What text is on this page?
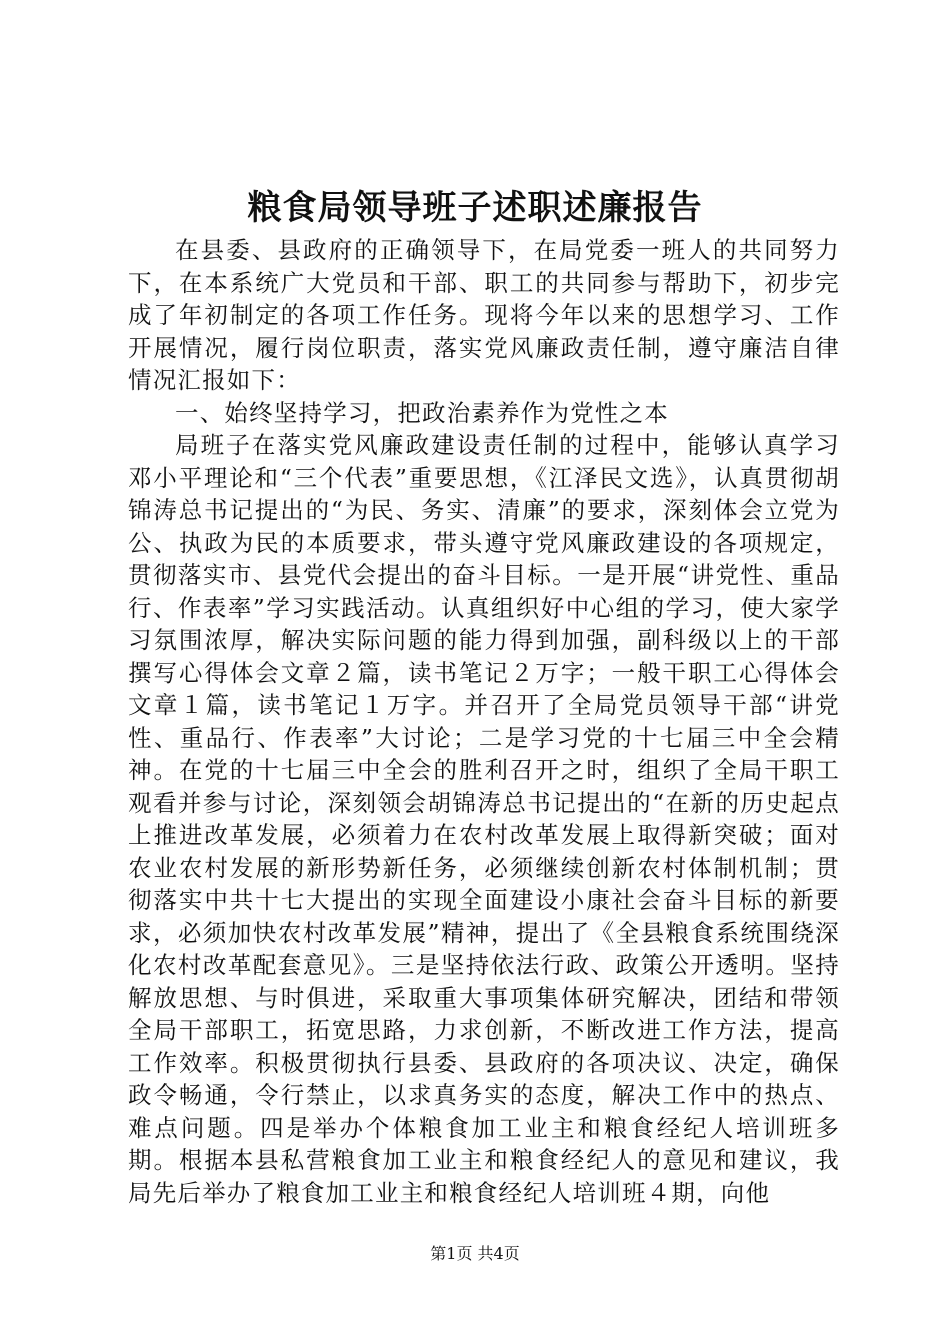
粮食局领导班子述职述廉报告

在县委、县政府的正确领导下，在局党委一班人的共同努力下，在本系统广大党员和干部、职工的共同参与帮助下，初步完成了年初制定的各项工作任务。现将今年以来的思想学习、工作开展情况，履行岗位职责，落实党风廉政责任制，遵守廉洁自律情况汇报如下：

一、始终坚持学习，把政治素养作为党性之本

局班子在落实党风廉政建设责任制的过程中，能够认真学习邓小平理论和“三个代表”重要思想，《江泽民文选》，认真贯彻胡锦涛总书记提出的“为民、务实、清廉”的要求，深刻体会立党为公、执政为民的本质要求，带头遵守党风廉政建设的各项规定，贯彻落实市、县党代会提出的奋斗目标。一是开展“讲党性、重品行、作表率”学习实践活动。认真组织好中心组的学习，使大家学习氛围浓厚，解决实际问题的能力得到加强，副科级以上的干部撰写心得体会文章２篇，读书笔记２万字；一般干职工心得体会文章１篇，读书笔记１万字。并召开了全局党员领导干部“讲党性、重品行、作表率”大讨论；二是学习党的十七届三中全会精神。在党的十七届三中全会的胜利召开之时，组织了全局干职工观看并参与讨论，深刻领会胡锦涛总书记提出的“在新的历史起点上推进改革发展，必须着力在农村改革发展上取得新突破；面对农业农村发展的新形势新任务，必须继续创新农村体制机制；贯彻落实中共十七大提出的实现全面建设小康社会奋斗目标的新要求，必须加快农村改革发展”精神，提出了《全县粮食系统围绕深化农村改革配套意见》。三是坚持依法行政、政策公开透明。坚持解放思想、与时俱进，采取重大事项集体研究解决，团结和带领全局干部职工，拓宽思路，力求创新，不断改进工作方法，提高工作效率。积极贯彻执行县委、县政府的各项决议、决定，确保政令畅通，令行禁止，以求真务实的态度，解决工作中的热点、难点问题。四是举办个体粮食加工业主和粮食经纪人培训班多期。根据本县私营粮食加工业主和粮食经纪人的意见和建议，我局先后举办了粮食加工业主和粮食经纪人培训班４期，向他

第1页 共4页
